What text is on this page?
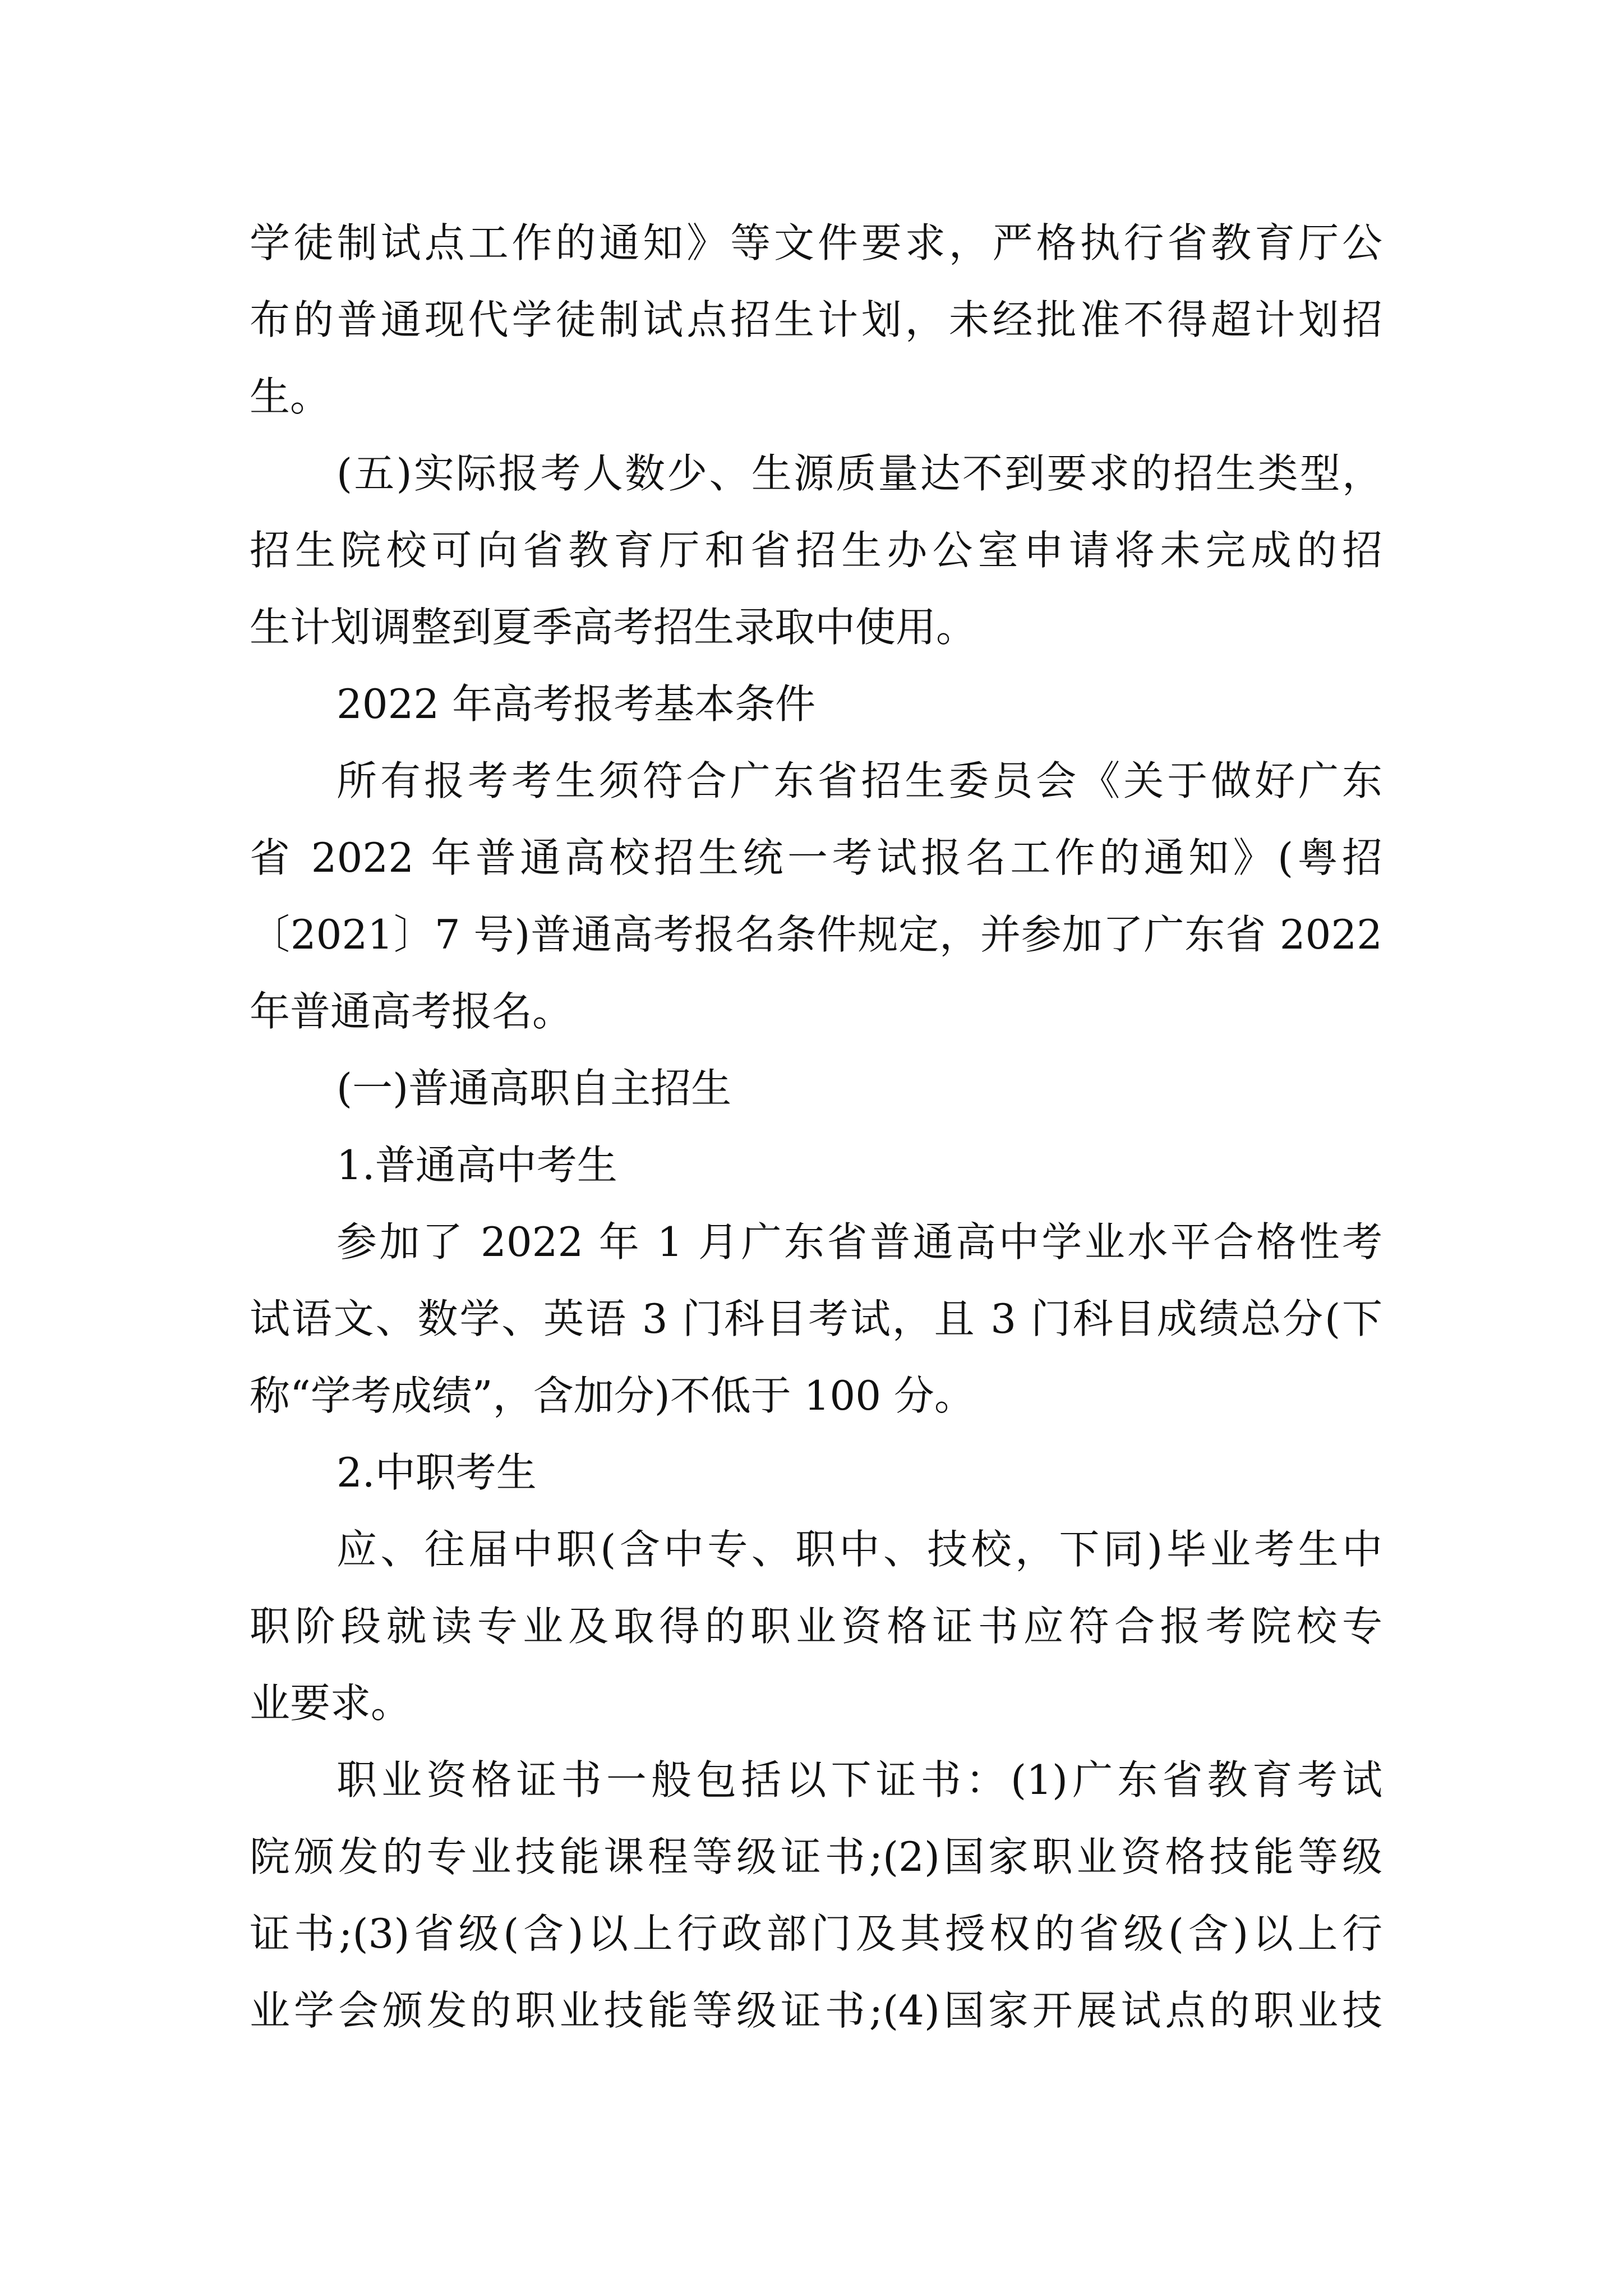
学徒制试点工作的通知》等文件要求，严格执行省教育厅公
布的普通现代学徒制试点招生计划，未经批准不得超计划招
生。
(五)实际报考人数少、生源质量达不到要求的招生类型，
招生院校可向省教育厅和省招生办公室申请将未完成的招
生计划调整到夏季高考招生录取中使用。
2022 年高考报考基本条件
所有报考考生须符合广东省招生委员会《关于做好广东
省 2022 年普通高校招生统一考试报名工作的通知》(粤招
〔2021〕7 号)普通高考报名条件规定，并参加了广东省 2022
年普通高考报名。
(一)普通高职自主招生
1.普通高中考生
参加了 2022 年 1 月广东省普通高中学业水平合格性考
试语文、数学、英语 3 门科目考试，且 3 门科目成绩总分(下
称“学考成绩”，含加分)不低于 100 分。
2.中职考生
应、往届中职(含中专、职中、技校，下同)毕业考生中
职阶段就读专业及取得的职业资格证书应符合报考院校专
业要求。
职业资格证书一般包括以下证书：(1)广东省教育考试
院颁发的专业技能课程等级证书;(2)国家职业资格技能等级
证书;(3)省级(含)以上行政部门及其授权的省级(含)以上行
业学会颁发的职业技能等级证书;(4)国家开展试点的职业技
